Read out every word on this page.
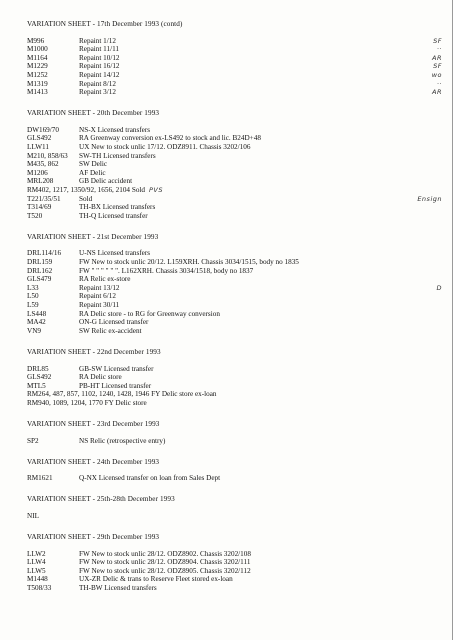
VARIATION SHEET - 17th December 1993 (contd)
M996	Repaint 1/12	SF
M1000	Repaint 11/11	··
M1164	Repaint 10/12	AR
M1229	Repaint 16/12	SF
M1252	Repaint 14/12	wo
M1319	Repaint 8/12	··
M1413	Repaint 3/12	AR
VARIATION SHEET - 20th December 1993
DW169/70	NS-X Licensed transfers
GLS492	RA Greenway conversion ex-LS492 to stock and lic. B24D+48
LLW11	UX New to stock unlic 17/12. ODZ8911. Chassis 3202/106
M210, 858/63	SW-TH Licensed transfers
M435, 862	SW Delic
M1206	AF Delic
MRL208	GB Delic accident
RM402, 1217, 1350/92, 1656, 2104 Sold PVS
T221/35/51	Sold	Ensign
T314/69	TH-BX Licensed transfers
T520	TH-Q Licensed transfer
VARIATION SHEET - 21st December 1993
DRL114/16	U-NS Licensed transfers
DRL159	FW New to stock unlic 20/12. L159XRH. Chassis 3034/1515, body no 1835
DRL162	FW " " " " " ". L162XRH. Chassis 3034/1518, body no 1837
GLS479	RA Relic ex-store
L33	Repaint 13/12	D
L50	Repaint 6/12
L59	Repaint 30/11
LS448	RA Delic store - to RG for Greenway conversion
MA42	ON-G Licensed transfer
VN9	SW Relic ex-accident
VARIATION SHEET - 22nd December 1993
DRL85	GB-SW Licensed transfer
GLS492	RA Delic store
MTL5	PB-HT Licensed transfer
RM264, 487, 857, 1102, 1240, 1428, 1946 FY Delic store ex-loan
RM940, 1089, 1204, 1770 FY Delic store
VARIATION SHEET - 23rd December 1993
SP2	NS Relic (retrospective entry)
VARIATION SHEET - 24th December 1993
RM1621	Q-NX Licensed transfer on loan from Sales Dept
VARIATION SHEET - 25th-28th December 1993
NIL
VARIATION SHEET - 29th December 1993
LLW2	FW New to stock unlic 28/12. ODZ8902. Chassis 3202/108
LLW4	FW New to stock unlic 28/12. ODZ8904. Chassis 3202/111
LLW5	FW New to stock unlic 28/12. ODZ8905. Chassis 3202/112
M1448	UX-ZR Delic & trans to Reserve Fleet stored ex-loan
T508/33	TH-BW Licensed transfers
